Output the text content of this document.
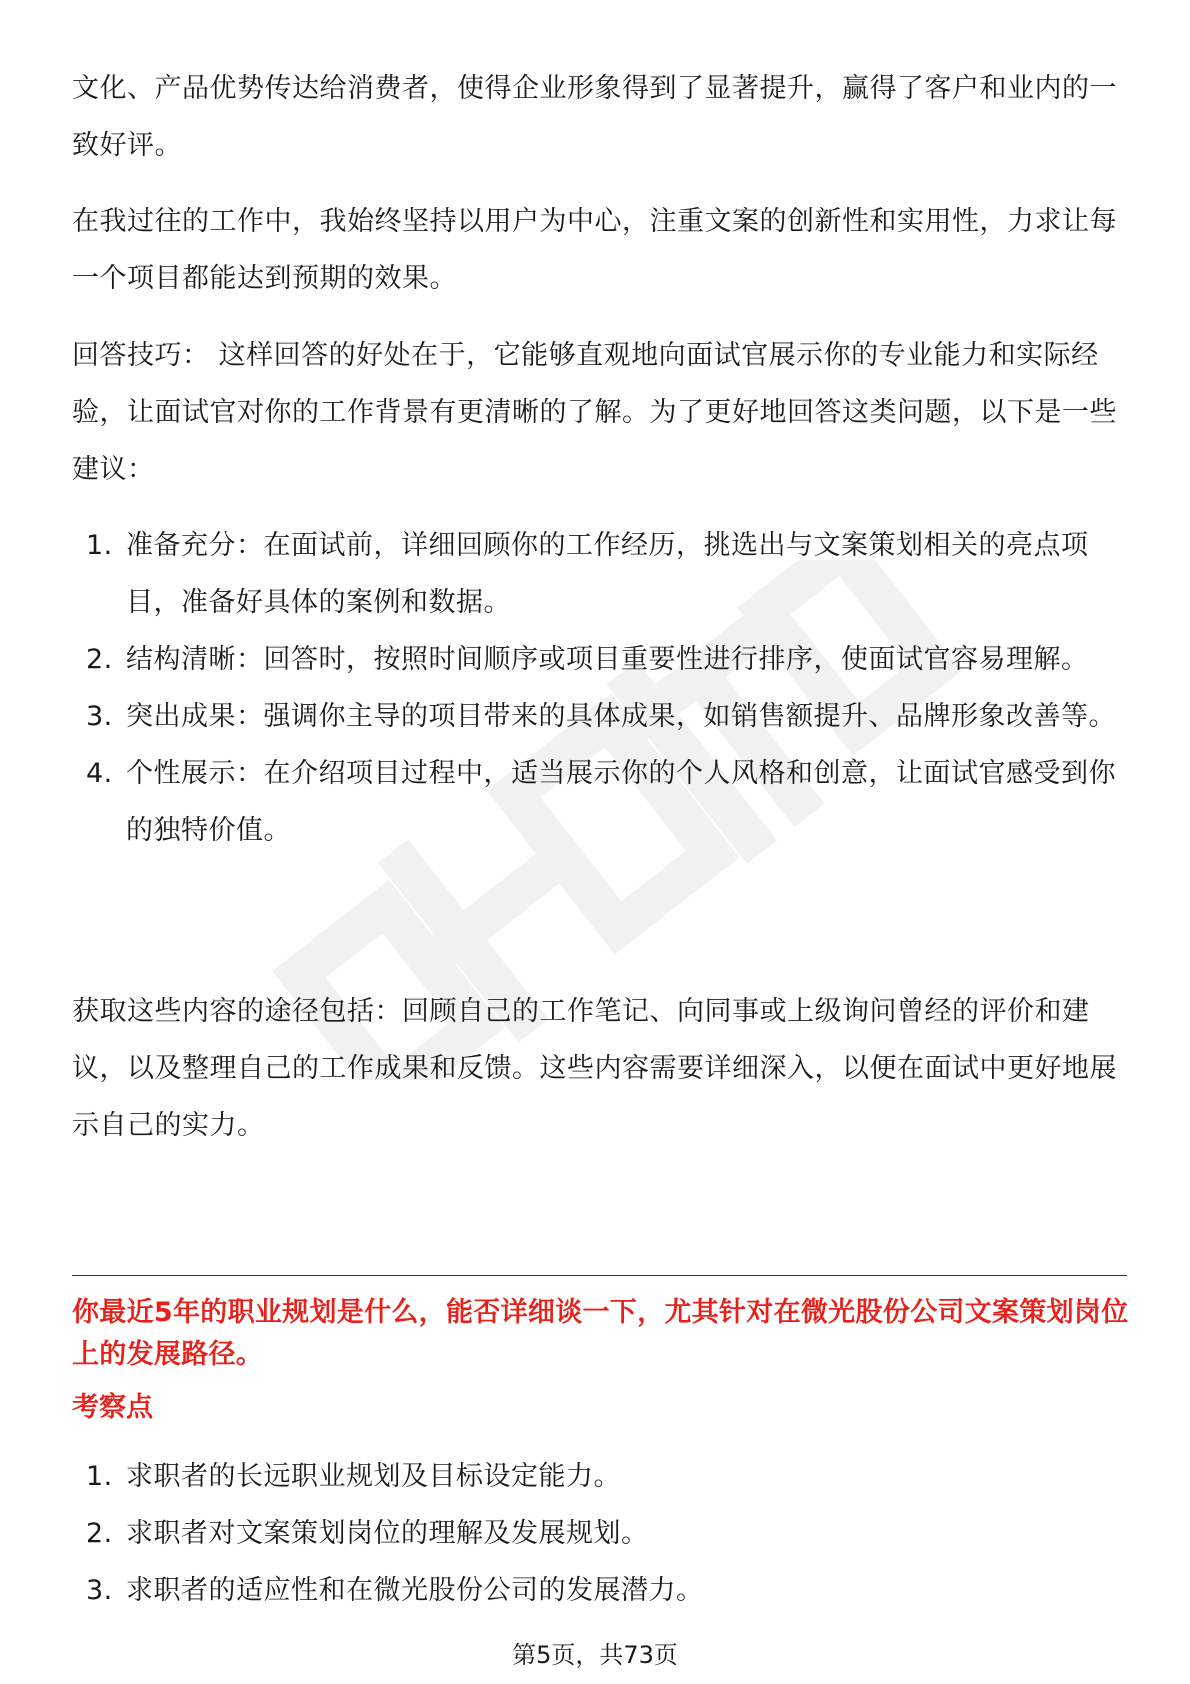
文化、产品优势传达给消费者，使得企业形象得到了显著提升，赢得了客户和业内的一致好评。

在我过往的工作中，我始终坚持以用户为中心，注重文案的创新性和实用性，力求让每一个项目都能达到预期的效果。

回答技巧： 这样回答的好处在于，它能够直观地向面试官展示你的专业能力和实际经验，让面试官对你的工作背景有更清晰的了解。为了更好地回答这类问题，以下是一些建议：

1. 准备充分：在面试前，详细回顾你的工作经历，挑选出与文案策划相关的亮点项目，准备好具体的案例和数据。
2. 结构清晰：回答时，按照时间顺序或项目重要性进行排序，使面试官容易理解。
3. 突出成果：强调你主导的项目带来的具体成果，如销售额提升、品牌形象改善等。
4. 个性展示：在介绍项目过程中，适当展示你的个人风格和创意，让面试官感受到你的独特价值。

获取这些内容的途径包括：回顾自己的工作笔记、向同事或上级询问曾经的评价和建议，以及整理自己的工作成果和反馈。这些内容需要详细深入，以便在面试中更好地展示自己的实力。

你最近5年的职业规划是什么，能否详细谈一下，尤其针对在微光股份公司文案策划岗位上的发展路径。

考察点

1. 求职者的长远职业规划及目标设定能力。
2. 求职者对文案策划岗位的理解及发展规划。
3. 求职者的适应性和在微光股份公司的发展潜力。
第5页，共73页
